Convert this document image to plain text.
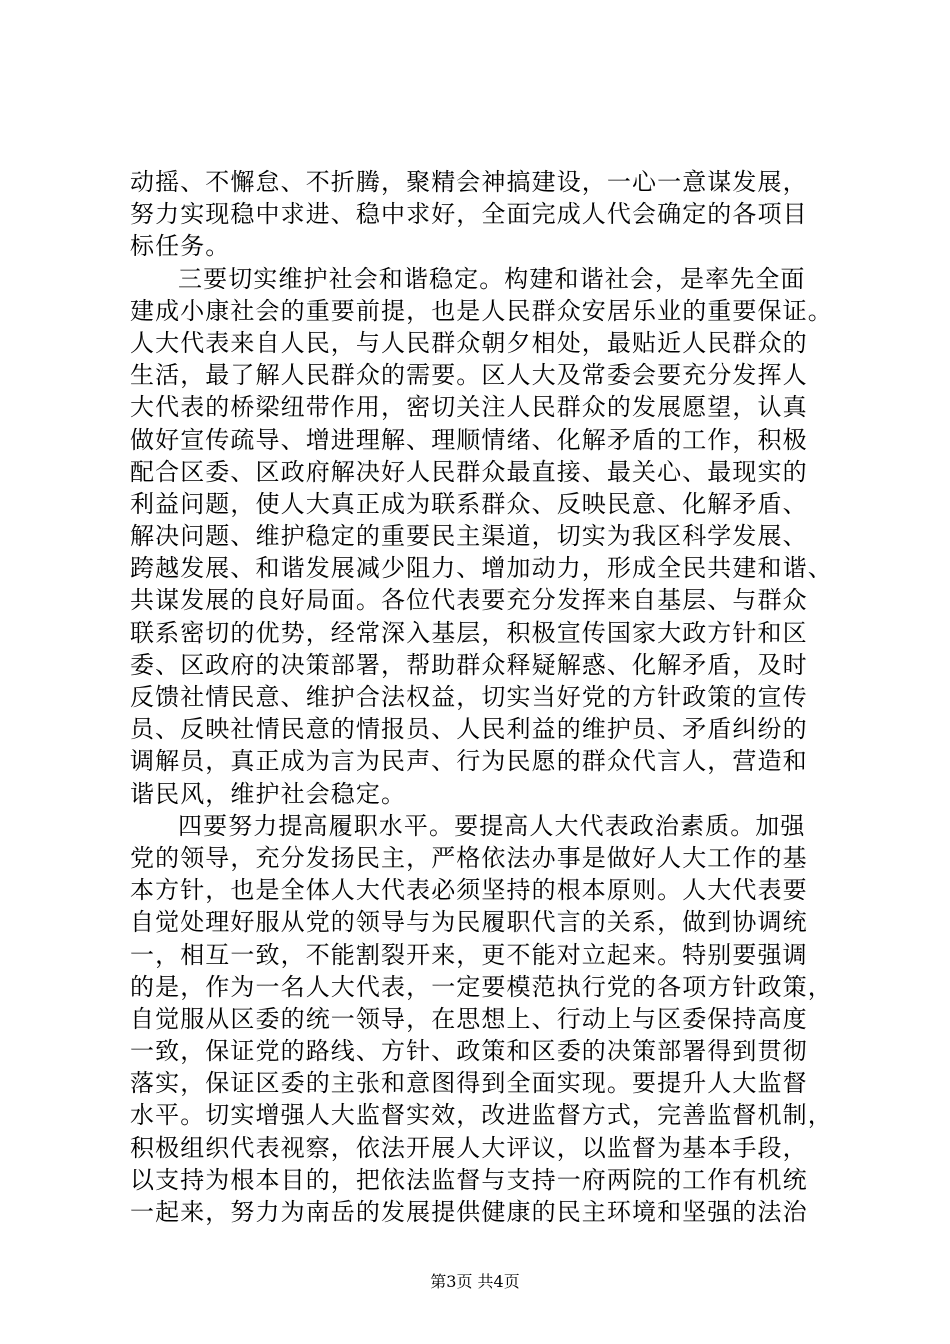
动摇、不懈怠、不折腾，聚精会神搞建设，一心一意谋发展，
努力实现稳中求进、稳中求好，全面完成人代会确定的各项目
标任务。
三要切实维护社会和谐稳定。构建和谐社会，是率先全面
建成小康社会的重要前提，也是人民群众安居乐业的重要保证。
人大代表来自人民，与人民群众朝夕相处，最贴近人民群众的
生活，最了解人民群众的需要。区人大及常委会要充分发挥人
大代表的桥梁纽带作用，密切关注人民群众的发展愿望，认真
做好宣传疏导、增进理解、理顺情绪、化解矛盾的工作，积极
配合区委、区政府解决好人民群众最直接、最关心、最现实的
利益问题，使人大真正成为联系群众、反映民意、化解矛盾、
解决问题、维护稳定的重要民主渠道，切实为我区科学发展、
跨越发展、和谐发展减少阻力、增加动力，形成全民共建和谐、
共谋发展的良好局面。各位代表要充分发挥来自基层、与群众
联系密切的优势，经常深入基层，积极宣传国家大政方针和区
委、区政府的决策部署，帮助群众释疑解惑、化解矛盾，及时
反馈社情民意、维护合法权益，切实当好党的方针政策的宣传
员、反映社情民意的情报员、人民利益的维护员、矛盾纠纷的
调解员，真正成为言为民声、行为民愿的群众代言人，营造和
谐民风，维护社会稳定。
四要努力提高履职水平。要提高人大代表政治素质。加强
党的领导，充分发扬民主，严格依法办事是做好人大工作的基
本方针，也是全体人大代表必须坚持的根本原则。人大代表要
自觉处理好服从党的领导与为民履职代言的关系，做到协调统
一，相互一致，不能割裂开来，更不能对立起来。特别要强调
的是，作为一名人大代表，一定要模范执行党的各项方针政策，
自觉服从区委的统一领导，在思想上、行动上与区委保持高度
一致，保证党的路线、方针、政策和区委的决策部署得到贯彻
落实，保证区委的主张和意图得到全面实现。要提升人大监督
水平。切实增强人大监督实效，改进监督方式，完善监督机制，
积极组织代表视察，依法开展人大评议，以监督为基本手段，
以支持为根本目的，把依法监督与支持一府两院的工作有机统
一起来，努力为南岳的发展提供健康的民主环境和坚强的法治
第3页 共4页
